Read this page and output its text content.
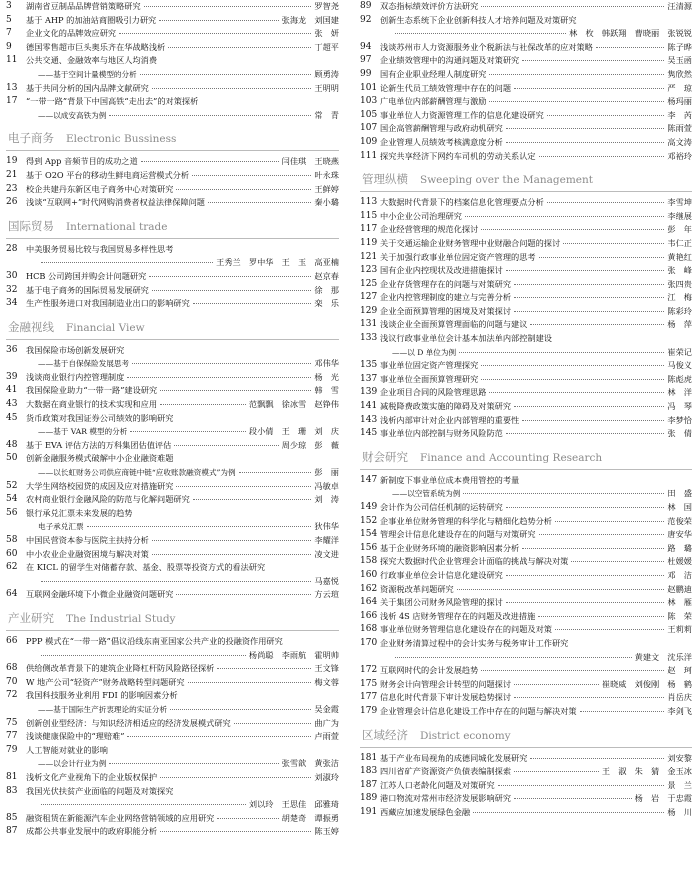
3	湖南省豆制品品牌营销策略研究	罗智尧
5	基于 AHP 的加油站商圈吸引力研究	张海龙　刘国建
7	企业文化的品牌效应研究	张　妍
9	德国零售超市巨头奥乐齐在华战略浅析	丁超平
11	公共交通、金融效率与地区人均消费
——基于空间计量模型的分析	顾勇涛
13	基于共同分析的国内品牌文献研究	王明明
17	“一带一路”背景下中国高铁“走出去”的对策探析
——以成安高铁为例	常　青
电子商务 Electronic Bussiness
19	得到 App 音频节目的成功之道	闫佳琪　王晓燕
21	基于 O2O 平台的移动生鲜电商运营模式分析	叶永珠
23	校企共建丹东新区电子商务中心对策研究	王鲜婷
26	浅谈“互联网+”时代网购消费者权益法律保障问题	秦小璐
国际贸易 International trade
28	中美服务贸易比较与我国贸易多样性思考
王秀兰　罗中华　王　玉　高亚楠
30	HCB 公司跨国并购会计问题研究	赵京春
32	基于电子商务的国际贸易发展研究	徐　那
34	生产性服务进口对我国制造业出口的影响研究	栾　乐
金融视线 Financial View
36	我国保险市场创新发展研究
——基于自保保险发展思考	邓伟华
39	浅谈商业银行内控管理制度	杨　光
41	我国保险业助力“一带一路”建设研究	韩　雪
43	大数据在商业银行的技术实现和应用	范飘飘　徐冰雪　赵铮伟
45	货币政策对我国证券公司绩效的影响研究
——基于 VAR 模型的分析	段小倩　王　珊　刘　庆
48	基于 EVA 评估方法的万科集团估值评估	周少琼　彭　薇
50	创新金融服务模式破解中小企业融资难题
——以长虹财务公司供应商链中链“应收账款融资模式”为例	彭　丽
52	大学生网络校园贷的成因及应对措施研究	冯敏卓
54	农村商业银行金融风险的防范与化解问题研究	刘　涛
56	银行承兑汇票未来发展的趋势
电子承兑汇票	狄伟华
58	中国民营资本参与医院主扶持分析	李耀洋
60	中小农业企业融资困境与解决对策	凌文进
62	在 KICL 的留学生对储蓄存款、基金、股票等投资方式的看法研究
马嘉悦
64	互联网金融环境下小微企业融资问题研究	方云瑄
产业研究 The Industrial Study
66	PPP 模式在“一带一路”倡议沿线东南亚国家公共产业的投融资作用研究
杨尚聪　李雨航　霍明帅
68	供给侧改革背景下的建筑企业降杠杆防风险路径探析	王文锋
70	W 地产公司“轻资产”财务战略转型问题研究	梅文蓉
72	我国科技服务业利用 FDI 的影响因素分析
——基于国际生产折衷理论的实证分析	吴金霞
75	创新创业型经济：与知识经济相适应的经济发展模式研究	曲广为
77	浅谈健康保险中的“理赔难”	卢雨萱
79	人工智能对就业的影响
——以会计行业为例	张雪歆　黄张洁
81	浅析文化产业视角下的企业版权保护	刘淑玲
83	我国光伏扶贫产业面临的问题及对策探究
刘以玲　王思佳　邱雅琦
85	融资租赁在新能源汽车企业网络营销领域的应用研究	胡楚奇　谭振勇
87	成都公共事业发展中的政府职能分析	陈玉婷
89	双态指标绩效评价方法研究	汪清源
92	创新生态系统下企业创新科技人才培养问题及对策研究
林　枚　韩跃翔　曹晓丽　张锐锐
94	浅谈苏州市人力资源服务业个税新法与社保改革的应对策略	陈子晔
97	企业绩效管理中的沟通问题及对策研究	吴玉函
99	国有企业职业经理人制度研究	隽欣然
101 论新生代员工绩效管理中存在的问题	严　琼
103 广电单位内部薪酬管理与激励	杨玛丽
105 事业单位人力资源管理工作的信息化建设研究	李　芮
107 国企高管薪酬管理与政府动机研究	陈雨萱
109 企业管理人员绩效考核满意度分析	高文涛
111 探究共享经济下网约车司机的劳动关系认定	邓裕玲
管理纵横 Sweeping over the Management
113 大数据时代背景下的档案信息化管理要点分析	李雪坤
115 中小企业公司治理研究	李继展
117 企业经营管理的规范化探讨	彭　年
119 关于交通运输企业财务管理中业财融合问题的探讨	韦仁正
121 关于加强行政事业单位固定资产管理的思考	黄艳红
123 国有企业内控现状及改进措施探讨	张　峰
125 企业存货管理存在的问题与对策研究	张四贵
127 企业内控管理制度的建立与完善分析	江　梅
129 企业全面预算管理的困境及对策探讨	陈彩玲
131 浅谈企业全面预算管理面临的问题与建议	杨　萍
133 浅议行政事业单位会计基本加法单内部控制建设
——以 D 单位为例	崔荣记
135 事业单位固定资产管理探究	马俊义
137 事业单位全面预算管理研究	陈彪虎
139 企业项目合同的风险管理思路	林　洋
141 减税降费政策实施的障碍及对策研究	冯　琴
143 浅析内部审计对企业内部管理的重要性	李梦恰
145 事业单位内部控制与财务风险防范	张　倩
财会研究 Finance and Accounting Research
147 新制度下事业单位成本费用管控的考量
——以空管系统为例	田　盛
149 会计作为公司信任机制的运转研究	林　国
152 企事业单位财务管理的科学化与精细化趋势分析	范俊荣
154 管理会计信息化建设存在的问题与对策研究	唐安华
156 基于企业财务环境的融资影响因素分析	路　璐
158 探究大数据时代企业管理会计面临的挑战与解决对策	杜媛媛
160 行政事业单位会计信息化建设研究	邓　洁
162 资源税改革问题研究	赵鹏迪
164 关于集团公司财务风险管理的探讨	林　雁
166 浅析 4S 店财务管理存在的问题及改进措施	陈　荣
168 事业单位财务管理信息化建设存在的问题及对策	王莉莉
170 企业财务清算过程中的会计实务与税务审计工作研究
黄建文　沈乐洋
172 互联网时代的会计发展趋势	赵　珂
175 财务会计向管理会计转型的问题探讨	崔晓威　刘俊刚　杨　鹤
177 信息化时代背景下审计发展趋势探讨	肖岳庆
179 企业管理会计信息化建设工作中存在的问题与解决对策	李剑飞
区域经济 District economy
181 基于产业布局视角的成德同城化发展研究	刘安黎
183 四川省矿产资源资产负债表编制探索	王　淑　朱　猜　金玉冰
187 江苏人口老龄化问题及对策研究	景　兰
189 港口物流对常州市经济发展影响研究	杨　岩　于忠霞
191 西藏应加速发展绿色金融	杨　川
